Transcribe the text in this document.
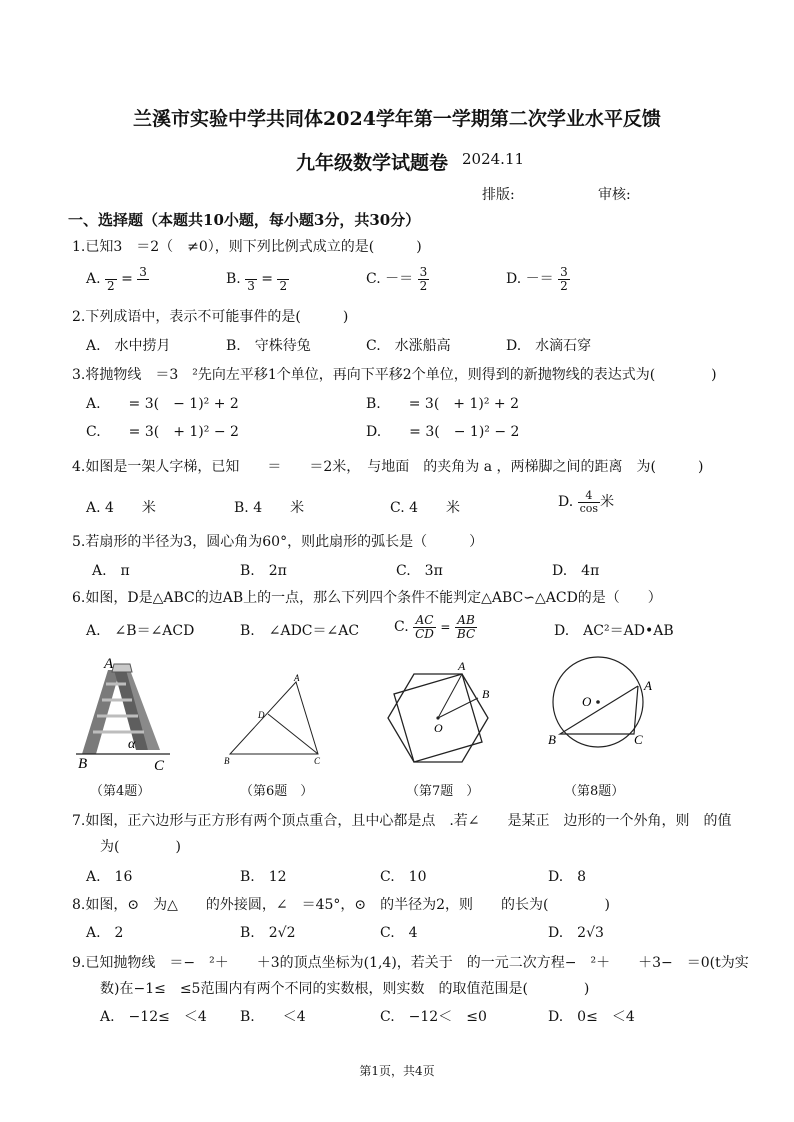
兰溪市实验中学共同体2024学年第一学期第二次学业水平反馈
九年级数学试题卷 2024.11
排版:	审核:
一、选择题（本题共10小题，每小题3分，共30分）
1.已知3　＝2（　≠0），则下列比例式成立的是(　　　)
A.
2 = 3
	B.
3 =
2	C. －＝ $\frac{3}{2}$	D. －＝ $\frac{3}{2}$
2.下列成语中，表示不可能事件的是(　　　)
A.　水中捞月	B.　守株待兔	C.　水涨船高	D.　水滴石穿
3.将抛物线　＝3　²先向左平移1个单位，再向下平移2个单位，则得到的新抛物线的表达式为(　　　　)
A.　　= 3(　− 1)² + 2	B.　　= 3(　+ 1)² + 2
C.　　= 3(　+ 1)² − 2	D.　　= 3(　− 1)² − 2
4.如图是一架人字梯，已知　　＝　　＝2米，　与地面　的夹角为 a ，两梯脚之间的距离　为(　　　)
A. 4　　米	B. 4　　米	C. 4　　米	D. $\frac{4}{\cos}$ 米
5.若扇形的半径为3，圆心角为60°，则此扇形的弧长是（　　　）
A.　π	B.　2π	C.　3π	D.　4π
6.如图，D是△ABC的边AB上的一点，那么下列四个条件不能判定△ABC∽△ACD的是（　　）
A.　∠B＝∠ACD	B.　∠ADC＝∠AC C. $\frac{AC}{CD} = \frac{AB}{BC}$	D.　AC²＝AD•AB
A
B	C
α
（第4题）
A
B	C
D
（第6题　）
A
B
O
（第7题　）
O
A
B	C
（第8题）
7.如图，正六边形与正方形有两个顶点重合，且中心都是点　.若∠　　是某正　边形的一个外角，则　的值
为(　　　　)
A.　16	B.　12	C.　10	D.　8
8.如图，⊙　为△　　的外接圆，∠　＝45°，⊙　的半径为2，则　　的长为(　　　　)
A.　2	B.　2√2	C.　4	D.　2√3
9.已知抛物线　＝−　²＋　　＋3的顶点坐标为(1,4)，若关于　的一元二次方程−　²＋　　＋3−　＝0(t为实
数)在−1≤　≤5范围内有两个不同的实数根，则实数　的取值范围是(　　　　)
A.　−12≤　＜4 B.　　＜4	C.　−12＜　≤0	D.　0≤　＜4
第1页，共4页
